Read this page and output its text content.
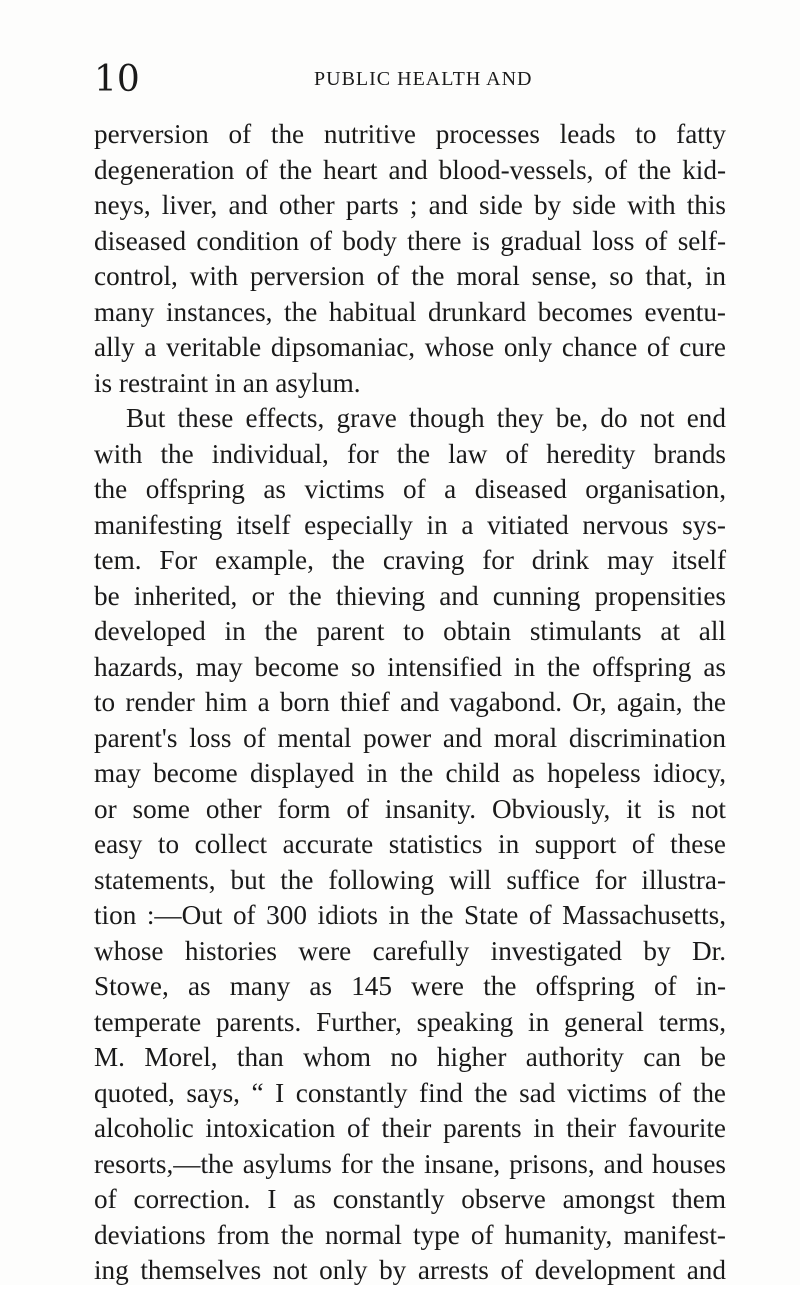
10	PUBLIC HEALTH AND
perversion of the nutritive processes leads to fatty
degeneration of the heart and blood-vessels, of the kid-
neys, liver, and other parts ; and side by side with this
diseased condition of body there is gradual loss of self-
control, with perversion of the moral sense, so that, in
many instances, the habitual drunkard becomes eventu-
ally a veritable dipsomaniac, whose only chance of cure
is restraint in an asylum.
But these effects, grave though they be, do not end
with the individual, for the law of heredity brands
the offspring as victims of a diseased organisation,
manifesting itself especially in a vitiated nervous sys-
tem. For example, the craving for drink may itself
be inherited, or the thieving and cunning propensities
developed in the parent to obtain stimulants at all
hazards, may become so intensified in the offspring as
to render him a born thief and vagabond. Or, again, the
parent's loss of mental power and moral discrimination
may become displayed in the child as hopeless idiocy,
or some other form of insanity. Obviously, it is not
easy to collect accurate statistics in support of these
statements, but the following will suffice for illustra-
tion :—Out of 300 idiots in the State of Massachusetts,
whose histories were carefully investigated by Dr.
Stowe, as many as 145 were the offspring of in-
temperate parents. Further, speaking in general terms,
M. Morel, than whom no higher authority can be
quoted, says, “ I constantly find the sad victims of the
alcoholic intoxication of their parents in their favourite
resorts,—the asylums for the insane, prisons, and houses
of correction. I as constantly observe amongst them
deviations from the normal type of humanity, manifest-
ing themselves not only by arrests of development and
